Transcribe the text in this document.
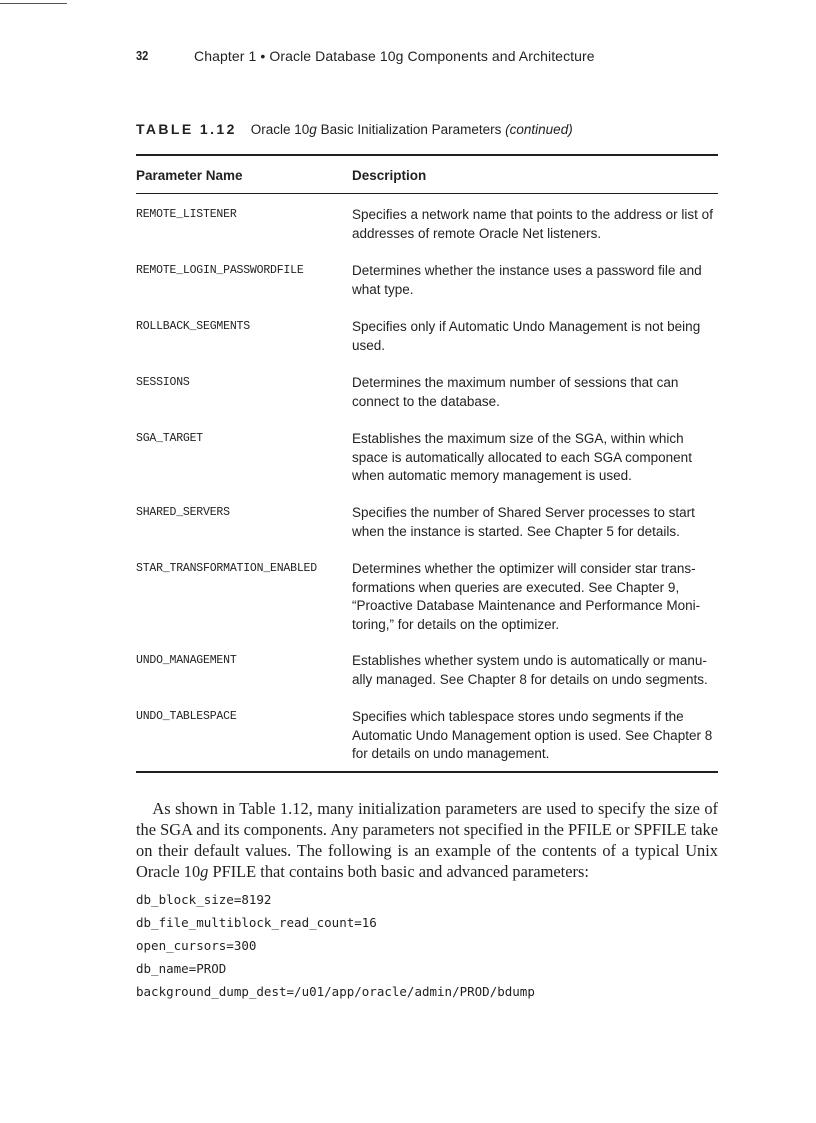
32	Chapter 1 • Oracle Database 10g Components and Architecture
TABLE 1.12 Oracle 10g Basic Initialization Parameters (continued)
Parameter Name	Description
REMOTE_LISTENER	Specifies a network name that points to the address or list of addresses of remote Oracle Net listeners.
REMOTE_LOGIN_PASSWORDFILE	Determines whether the instance uses a password file and what type.
ROLLBACK_SEGMENTS	Specifies only if Automatic Undo Management is not being used.
SESSIONS	Determines the maximum number of sessions that can connect to the database.
SGA_TARGET	Establishes the maximum size of the SGA, within which space is automatically allocated to each SGA component when automatic memory management is used.
SHARED_SERVERS	Specifies the number of Shared Server processes to start when the instance is started. See Chapter 5 for details.
STAR_TRANSFORMATION_ENABLED	Determines whether the optimizer will consider star trans-formations when queries are executed. See Chapter 9, “Proactive Database Maintenance and Performance Moni-toring,” for details on the optimizer.
UNDO_MANAGEMENT	Establishes whether system undo is automatically or manu-ally managed. See Chapter 8 for details on undo segments.
UNDO_TABLESPACE	Specifies which tablespace stores undo segments if the Automatic Undo Management option is used. See Chapter 8 for details on undo management.
 As shown in Table 1.12, many initialization parameters are used to specify the size of the SGA and its components. Any parameters not specified in the PFILE or SPFILE take on their default values. The following is an example of the contents of a typical Unix Oracle 10g PFILE that contains both basic and advanced parameters:
db_block_size=8192
db_file_multiblock_read_count=16
open_cursors=300
db_name=PROD
background_dump_dest=/u01/app/oracle/admin/PROD/bdump
